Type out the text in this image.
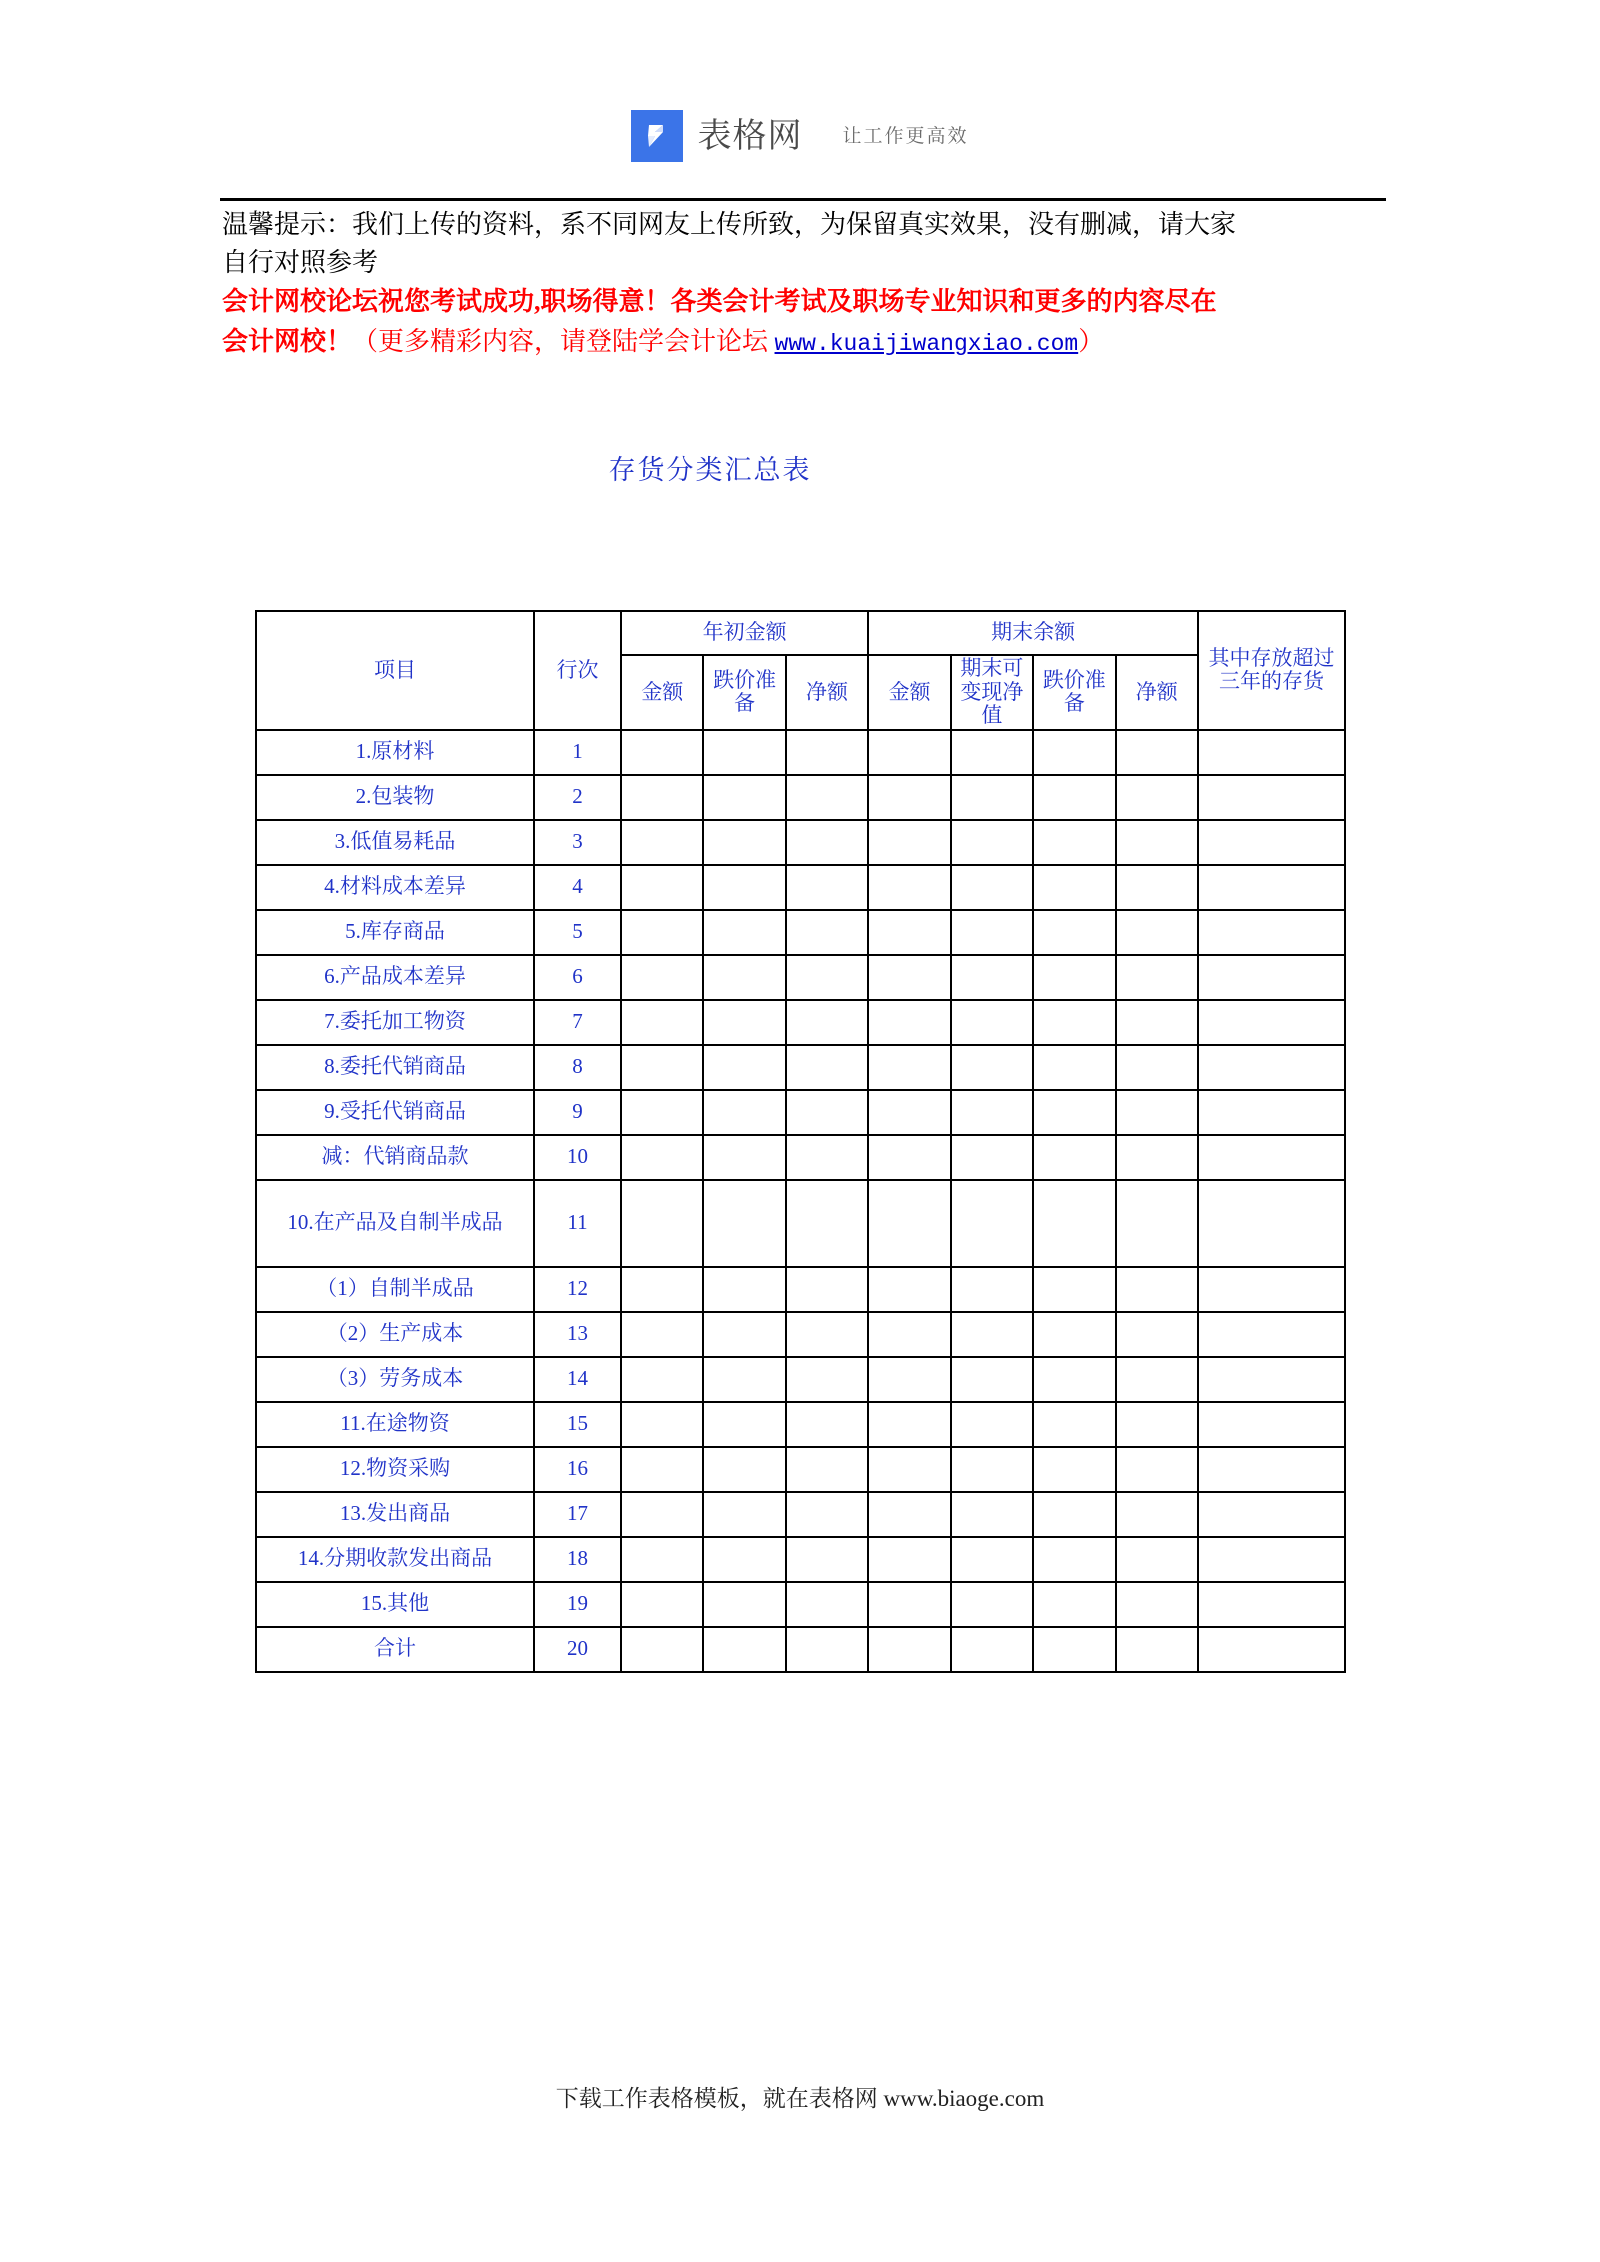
表格网 让工作更高效
温馨提示：我们上传的资料，系不同网友上传所致，为保留真实效果，没有删减，请大家
自行对照参考
会计网校论坛祝您考试成功,职场得意！各类会计考试及职场专业知识和更多的内容尽在
会计网校！（更多精彩内容，请登陆学会计论坛 www.kuaijiwangxiao.com）
存货分类汇总表
项目	行次	年初金额			期末余额				其中存放超过三年的存货
		金额	跌价准备	净额	金额	期末可变现净值	跌价准备	净额	
1.原材料	1								
2.包装物	2								
3.低值易耗品	3								
4.材料成本差异	4								
5.库存商品	5								
6.产品成本差异	6								
7.委托加工物资	7								
8.委托代销商品	8								
9.受托代销商品	9								
减：代销商品款	10								
10.在产品及自制半成品	11								
（1）自制半成品	12								
（2）生产成本	13								
（3）劳务成本	14								
11.在途物资	15								
12.物资采购	16								
13.发出商品	17								
14.分期收款发出商品	18								
15.其他	19								
合计	20								
下载工作表格模板，就在表格网 www.biaoge.com
